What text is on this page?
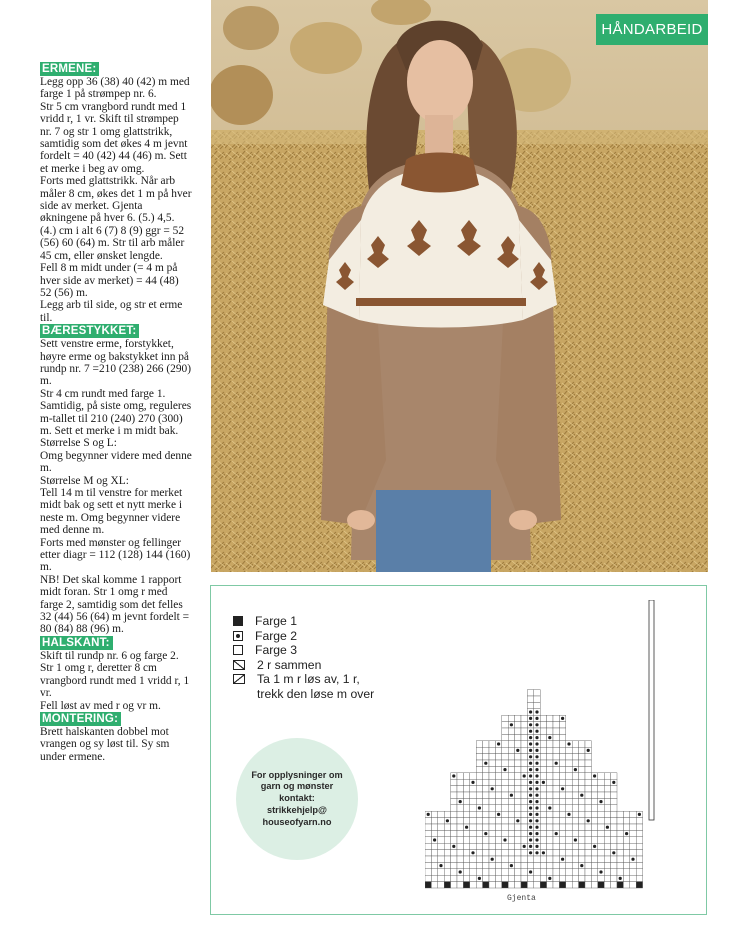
ERMENE:

Legg opp 36 (38) 40 (42) m med farge 1 på strømpep nr. 6.

Str 5 cm vrangbord rundt med 1 vridd r, 1 vr. Skift til strømpep nr. 7 og str 1 omg glattstrikk, samtidig som det økes 4 m jevnt fordelt = 40 (42) 44 (46) m. Sett et merke i beg av omg.

Forts med glattstrikk. Når arb måler 8 cm, økes det 1 m på hver side av merket. Gjenta økningene på hver 6. (5.) 4,5. (4.) cm i alt 6 (7) 8 (9) ggr = 52 (56) 60 (64) m. Str til arb måler 45 cm, eller ønsket lengde.

Fell 8 m midt under (= 4 m på hver side av merket) = 44 (48) 52 (56) m.

Legg arb til side, og str et erme til.

BÆRESTYKKET:

Sett venstre erme, forstykket, høyre erme og bakstykket inn på rundp nr. 7 =210 (238) 266 (290) m.

Str 4 cm rundt med farge 1. Samtidig, på siste omg, reguleres m-tallet til 210 (240) 270 (300) m. Sett et merke i m midt bak.

Størrelse S og L:

Omg begynner videre med denne m.

Størrelse M og XL:

Tell 14 m til venstre for merket midt bak og sett et nytt merke i neste m. Omg begynner videre med denne m.

Forts med mønster og fellinger etter diagr = 112 (128) 144 (160) m.

NB! Det skal komme 1 rapport midt foran. Str 1 omg r med farge 2, samtidig som det felles 32 (44) 56 (64) m jevnt fordelt = 80 (84) 88 (96) m.

HALSKANT:

Skift til rundp nr. 6 og farge 2. Str 1 omg r, deretter 8 cm vrangbord rundt med 1 vridd r, 1 vr.

Fell løst av med r og vr m.

MONTERING:

Brett halskanten dobbel mot vrangen og sy løst til. Sy sm under ermene.

HÅNDARBEID
Farge 1
Farge 2
Farge 3
2 r sammen
Ta 1 m r løs av, 1 r, trekk den løse m over
For opplysninger om garn og mønster kontakt: strikkehjelp@ houseofyarn.no
Gjenta
